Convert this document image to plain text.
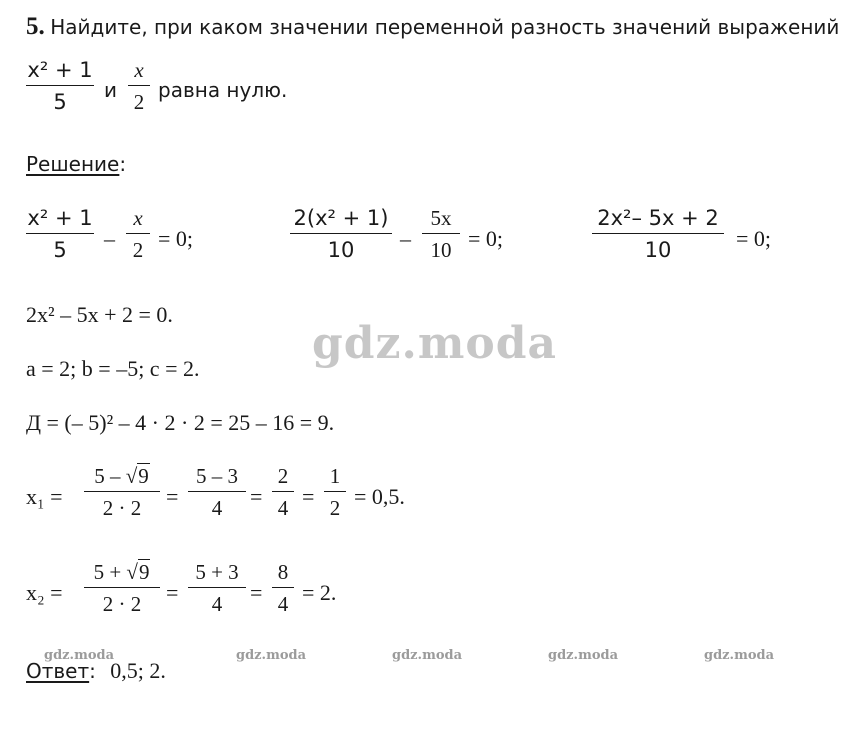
5. Найдите, при каком значении переменной разность значений выражений
x² + 1
5	и
x
2 равна нулю.
Решение:
x² + 1
5	–
x
2 = 0;
2(x² + 1)
10	–
5x
10 = 0;
2x²– 5x + 2
10	= 0;
2x² – 5x + 2 = 0.
gdz.moda
a = 2; b = –5; c = 2.
Д = (– 5)² – 4 · 2 · 2 = 25 – 16 = 9.
x₁ =
5 – √9
2 · 2	=
5 – 3
4	=
2
4 =
1
2 = 0,5.
x₂ =
5 + √9
2 · 2	=
5 + 3
4	=
8
4 = 2.
gdz.moda	gdz.moda	gdz.moda	gdz.moda	gdz.moda
Ответ: 0,5; 2.
